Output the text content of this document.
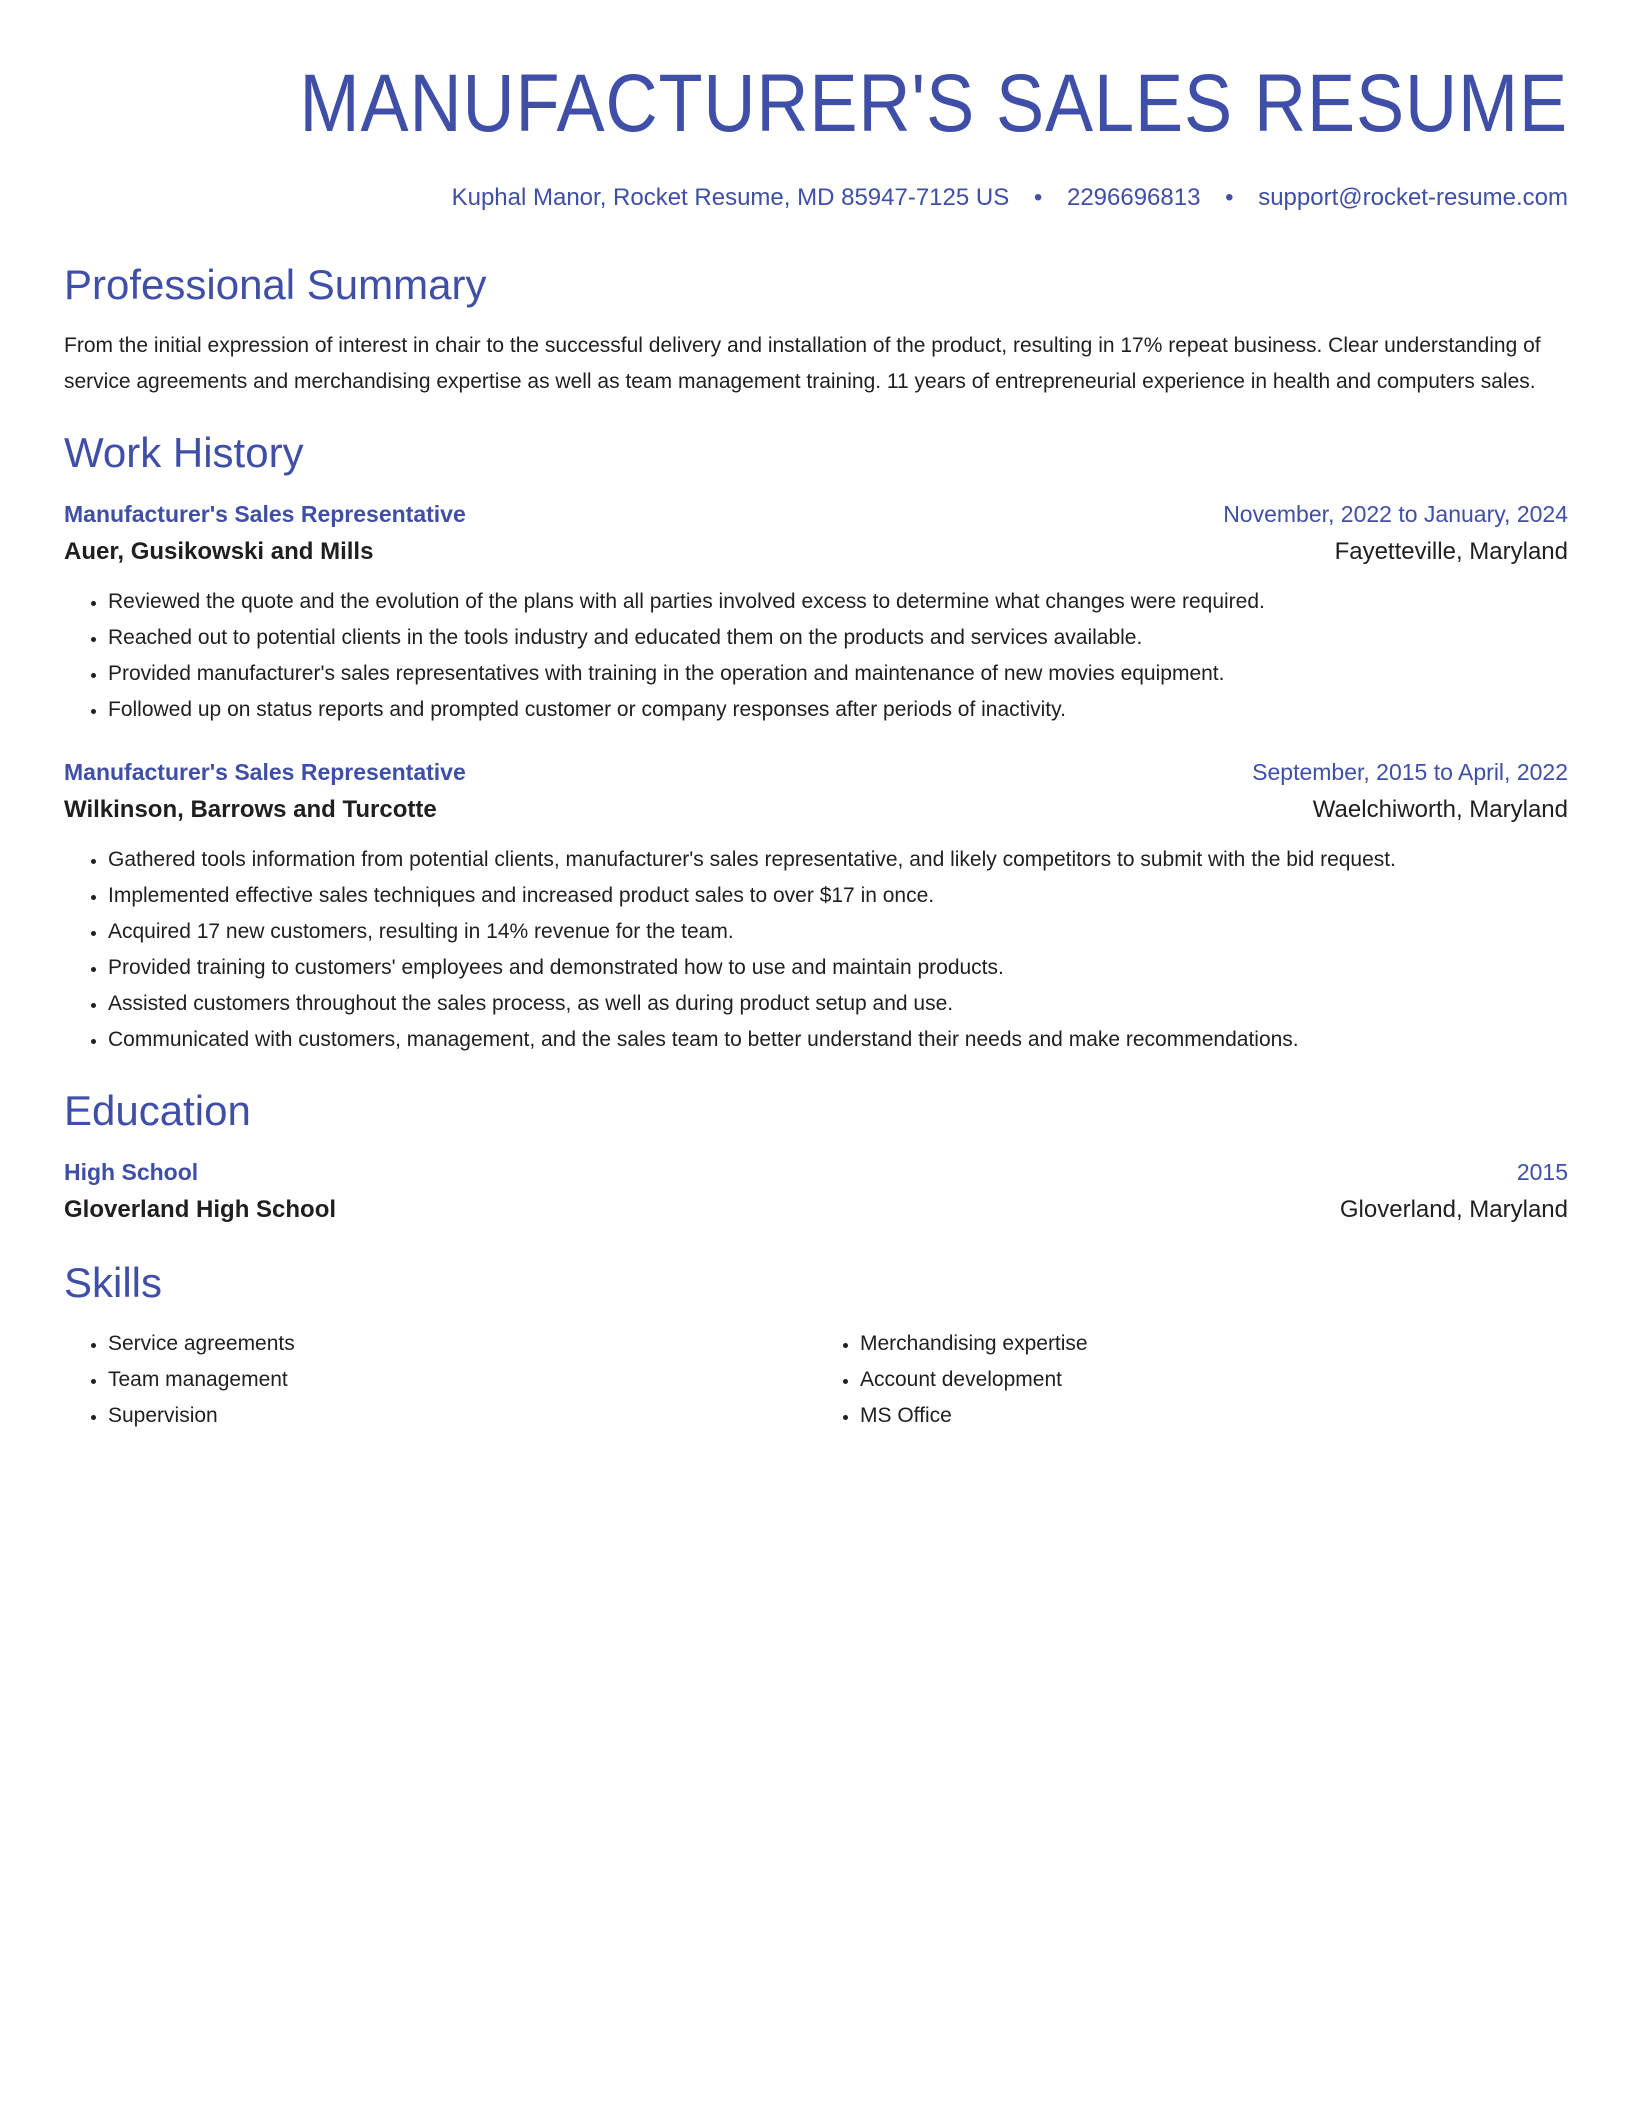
MANUFACTURER'S SALES RESUME
Kuphal Manor, Rocket Resume, MD 85947-7125 US • 2296696813 • support@rocket-resume.com
Professional Summary

From the initial expression of interest in chair to the successful delivery and installation of the product, resulting in 17% repeat business. Clear understanding of service agreements and merchandising expertise as well as team management training. 11 years of entrepreneurial experience in health and computers sales.

Work History
Manufacturer's Sales Representative	November, 2022 to January, 2024
Auer, Gusikowski and Mills	Fayetteville, Maryland
• Reviewed the quote and the evolution of the plans with all parties involved excess to determine what changes were required.
• Reached out to potential clients in the tools industry and educated them on the products and services available.
• Provided manufacturer's sales representatives with training in the operation and maintenance of new movies equipment.
• Followed up on status reports and prompted customer or company responses after periods of inactivity.
Manufacturer's Sales Representative	September, 2015 to April, 2022
Wilkinson, Barrows and Turcotte	Waelchiworth, Maryland
• Gathered tools information from potential clients, manufacturer's sales representative, and likely competitors to submit with the bid request.
• Implemented effective sales techniques and increased product sales to over $17 in once.
• Acquired 17 new customers, resulting in 14% revenue for the team.
• Provided training to customers' employees and demonstrated how to use and maintain products.
• Assisted customers throughout the sales process, as well as during product setup and use.
• Communicated with customers, management, and the sales team to better understand their needs and make recommendations.
Education
High School	2015
Gloverland High School	Gloverland, Maryland
Skills
• Service agreements
• Team management
• Supervision
• Merchandising expertise
• Account development
• MS Office
